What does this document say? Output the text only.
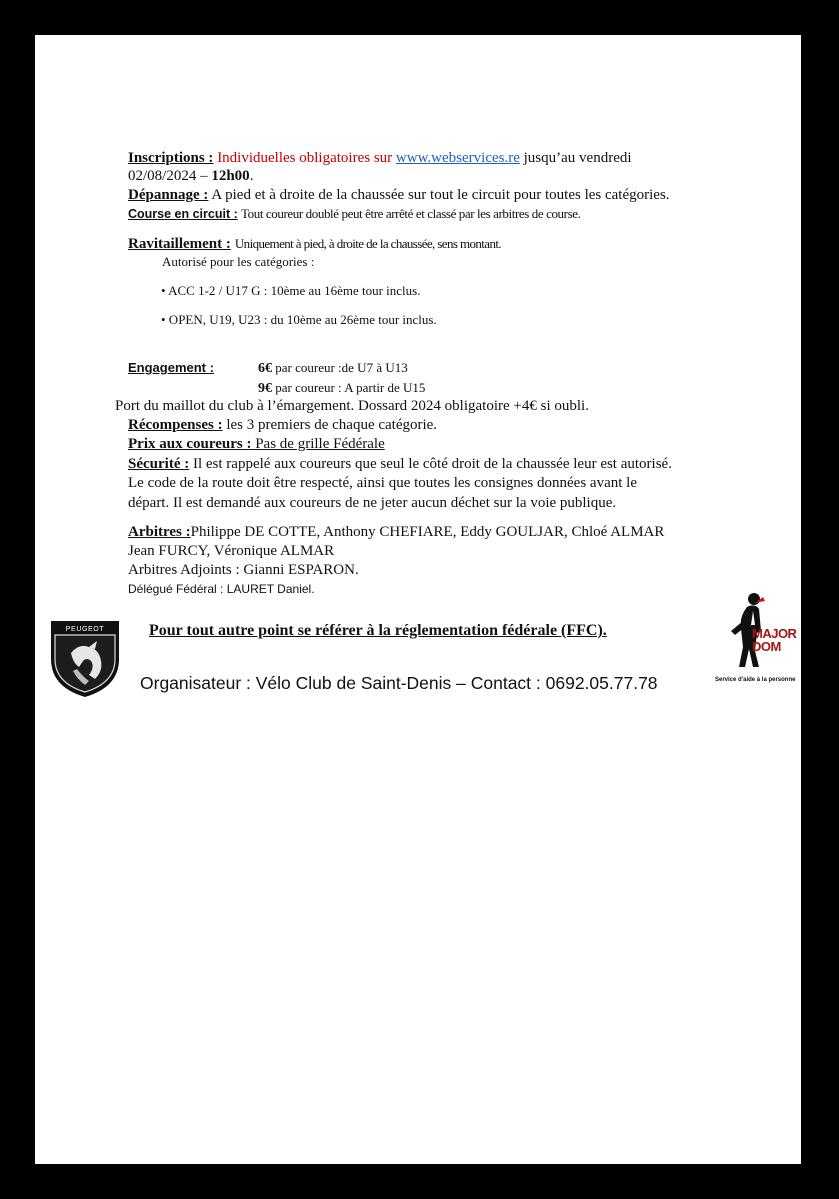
Inscriptions : Individuelles obligatoires sur www.webservices.re jusqu’au vendredi
02/08/2024 – 12h00.
Dépannage : A pied et à droite de la chaussée sur tout le circuit pour toutes les catégories.
Course en circuit : Tout coureur doublé peut être arrêté et classé par les arbitres de course.
Ravitaillement : Uniquement à pied, à droite de la chaussée, sens montant.
Autorisé pour les catégories :
• ACC 1-2 / U17 G : 10ème au 16ème tour inclus.
• OPEN, U19, U23 : du 10ème au 26ème tour inclus.
Engagement :	6€ par coureur :de U7 à U13
9€ par coureur : A partir de U15
Port du maillot du club à l’émargement. Dossard 2024 obligatoire +4€ si oubli.
Récompenses : les 3 premiers de chaque catégorie.
Prix aux coureurs : Pas de grille Fédérale
Sécurité : Il est rappelé aux coureurs que seul le côté droit de la chaussée leur est autorisé.
Le code de la route doit être respecté, ainsi que toutes les consignes données avant le
départ. Il est demandé aux coureurs de ne jeter aucun déchet sur la voie publique.
Arbitres :Philippe DE COTTE, Anthony CHEFIARE, Eddy GOULJAR, Chloé ALMAR
Jean FURCY, Véronique ALMAR
Arbitres Adjoints : Gianni ESPARON.
Délégué Fédéral : LAURET Daniel.
PEUGEOT	Pour tout autre point se référer à la réglementation fédérale (FFC).
Organisateur : Vélo Club de Saint-Denis – Contact : 0692.05.77.78
MAJOR
DOM
Service d'aide à la personne
